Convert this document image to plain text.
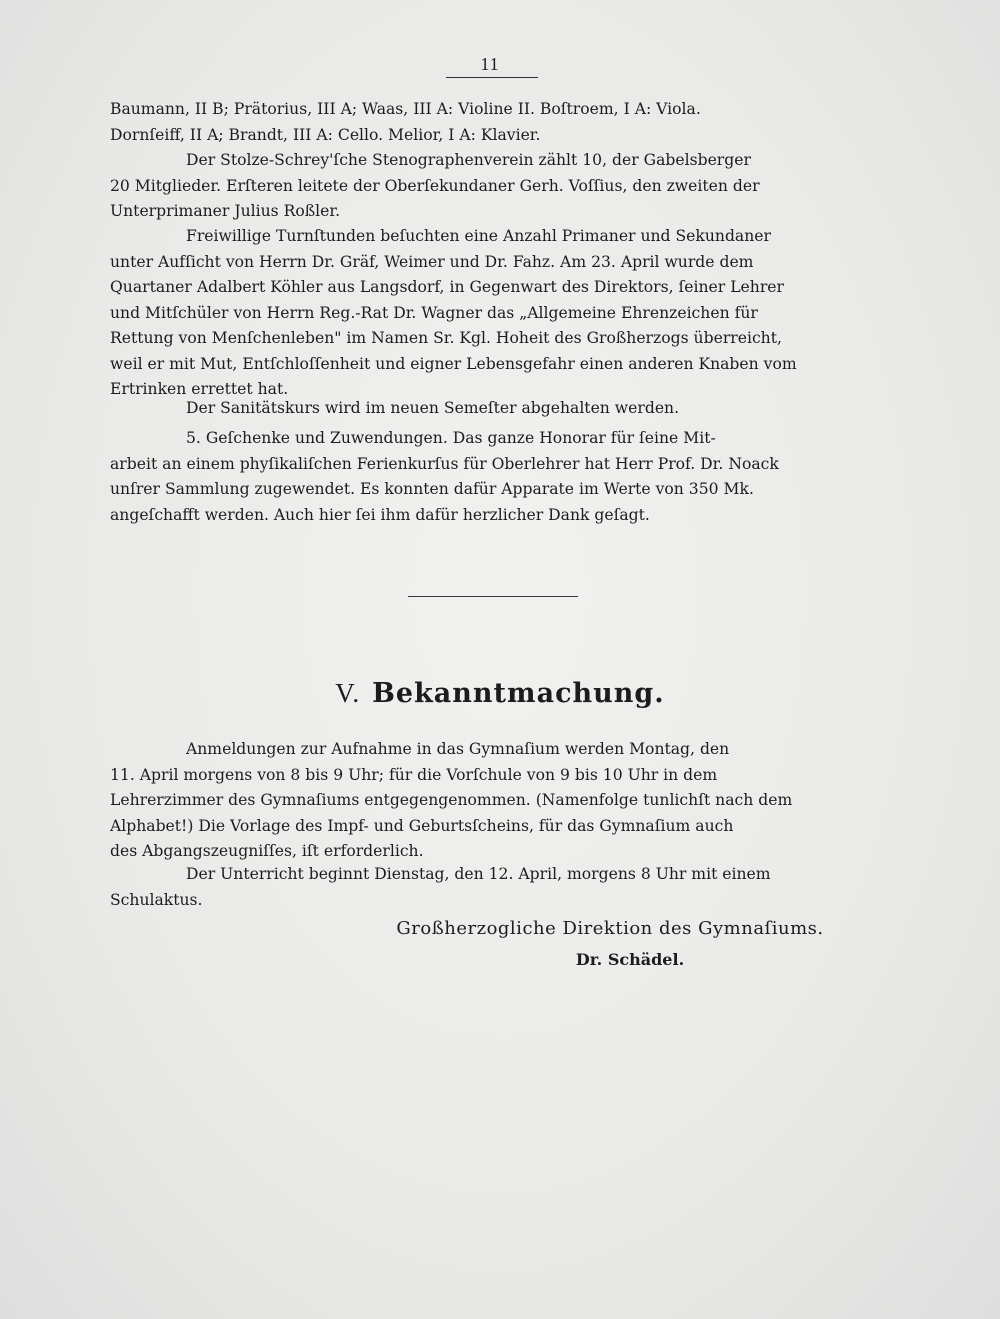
11
Baumann, II B; Prätorius, III A; Waas, III A: Violine II. Boſtroem, I A: Viola.
Dornſeiff, II A; Brandt, III A: Cello. Melior, I A: Klavier.
Der Stolze-Schrey'ſche Stenographenverein zählt 10, der Gabelsberger
20 Mitglieder. Erſteren leitete der Oberſekundaner Gerh. Voſſius, den zweiten der
Unterprimaner Julius Roßler.
Freiwillige Turnſtunden beſuchten eine Anzahl Primaner und Sekundaner
unter Aufſicht von Herrn Dr. Gräf, Weimer und Dr. Fahz. Am 23. April wurde dem
Quartaner Adalbert Köhler aus Langsdorf, in Gegenwart des Direktors, ſeiner Lehrer
und Mitſchüler von Herrn Reg.-Rat Dr. Wagner das „Allgemeine Ehrenzeichen für
Rettung von Menſchenleben" im Namen Sr. Kgl. Hoheit des Großherzogs überreicht,
weil er mit Mut, Entſchloſſenheit und eigner Lebensgefahr einen anderen Knaben vom
Ertrinken errettet hat.
Der Sanitätskurs wird im neuen Semeſter abgehalten werden.
5. Geſchenke und Zuwendungen. Das ganze Honorar für ſeine Mit-
arbeit an einem phyſikaliſchen Ferienkurſus für Oberlehrer hat Herr Prof. Dr. Noack
unſrer Sammlung zugewendet. Es konnten dafür Apparate im Werte von 350 Mk.
angeſchafft werden. Auch hier ſei ihm dafür herzlicher Dank geſagt.
V. Bekanntmachung.
Anmeldungen zur Aufnahme in das Gymnaſium werden Montag, den
11. April morgens von 8 bis 9 Uhr; für die Vorſchule von 9 bis 10 Uhr in dem
Lehrerzimmer des Gymnaſiums entgegengenommen. (Namenfolge tunlichſt nach dem
Alphabet!) Die Vorlage des Impf- und Geburtsſcheins, für das Gymnaſium auch
des Abgangszeugniſſes, iſt erforderlich.
Der Unterricht beginnt Dienstag, den 12. April, morgens 8 Uhr mit einem
Schulaktus.
Großherzogliche Direktion des Gymnaſiums.
Dr. Schädel.
